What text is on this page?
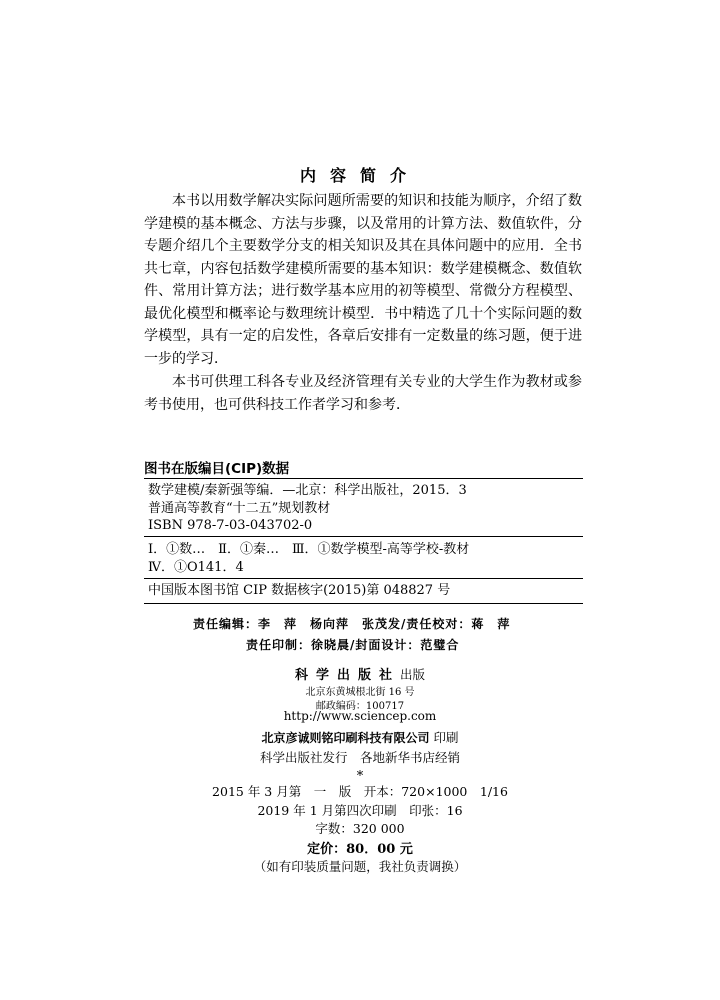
内容简介

本书以用数学解决实际问题所需要的知识和技能为顺序，介绍了数学建模的基本概念、方法与步骤，以及常用的计算方法、数值软件，分专题介绍几个主要数学分支的相关知识及其在具体问题中的应用．全书共七章，内容包括数学建模所需要的基本知识：数学建模概念、数值软件、常用计算方法；进行数学基本应用的初等模型、常微分方程模型、最优化模型和概率论与数理统计模型．书中精选了几十个实际问题的数学模型，具有一定的启发性，各章后安排有一定数量的练习题，便于进一步的学习．

本书可供理工科各专业及经济管理有关专业的大学生作为教材或参考书使用，也可供科技工作者学习和参考．

图书在版编目(CIP)数据
数学建模/秦新强等编．—北京：科学出版社，2015．3
普通高等教育“十二五”规划教材
ISBN 978-7-03-043702-0
Ⅰ．①数…　Ⅱ．①秦…　Ⅲ．①数学模型-高等学校-教材
Ⅳ．①O141．4
中国版本图书馆 CIP 数据核字(2015)第 048827 号
责任编辑：李　萍　杨向萍　张茂发/责任校对：蒋　萍
责任印制：徐晓晨/封面设计：范璧合
科学出版社出版
北京东黄城根北街 16 号
邮政编码：100717
http://www.sciencep.com
北京彦诚则铭印刷科技有限公司 印刷
科学出版社发行　各地新华书店经销
*
2015 年 3 月第　一　版　开本：720×1000　1/16
2019 年 1 月第四次印刷　印张：16
字数：320 000
定价：80．00 元
（如有印装质量问题，我社负责调换）
